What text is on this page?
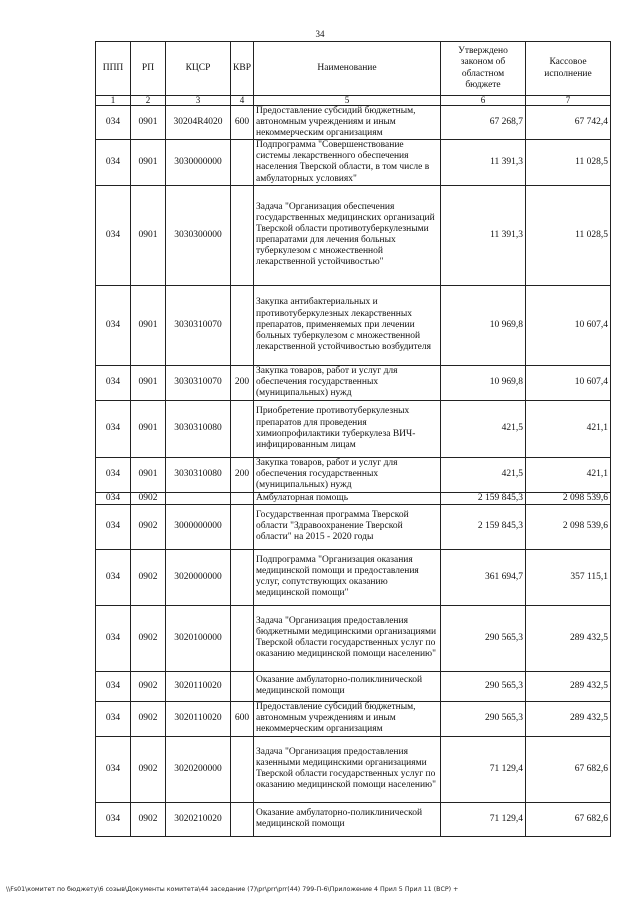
34
ППП	РП	КЦСР	КВР	Наименование	Утверждено законом об областном бюджете	Кассовое исполнение
1	2	3	4	5	6	7
034	0901	30204R4020	600	Предоставление субсидий бюджетным, автономным учреждениям и иным некоммерческим организациям	67 268,7	67 742,4
034	0901	3030000000		Подпрограмма "Совершенствование системы лекарственного обеспечения населения Тверской области, в том числе в амбулаторных условиях"	11 391,3	11 028,5
034	0901	3030300000		Задача "Организация обеспечения государственных медицинских организаций Тверской области противотуберкулезными препаратами для лечения больных туберкулезом с множественной лекарственной устойчивостью"	11 391,3	11 028,5
034	0901	3030310070		Закупка антибактериальных и противотуберкулезных лекарственных препаратов, применяемых при лечении больных туберкулезом с множественной лекарственной устойчивостью возбудителя	10 969,8	10 607,4
034	0901	3030310070	200	Закупка товаров, работ и услуг для обеспечения государственных (муниципальных) нужд	10 969,8	10 607,4
034	0901	3030310080		Приобретение противотуберкулезных препаратов для проведения химиопрофилактики туберкулеза ВИЧ-инфицированным лицам	421,5	421,1
034	0901	3030310080	200	Закупка товаров, работ и услуг для обеспечения государственных (муниципальных) нужд	421,5	421,1
034	0902			Амбулаторная помощь	2 159 845,3	2 098 539,6
034	0902	3000000000		Государственная программа Тверской области "Здравоохранение Тверской области" на 2015 - 2020 годы	2 159 845,3	2 098 539,6
034	0902	3020000000		Подпрограмма "Организация оказания медицинской помощи и предоставления услуг, сопутствующих оказанию медицинской помощи"	361 694,7	357 115,1
034	0902	3020100000		Задача "Организация предоставления бюджетными медицинскими организациями Тверской области государственных услуг по оказанию медицинской помощи населению"	290 565,3	289 432,5
034	0902	3020110020		Оказание амбулаторно-поликлинической медицинской помощи	290 565,3	289 432,5
034	0902	3020110020	600	Предоставление субсидий бюджетным, автономным учреждениям и иным некоммерческим организациям	290 565,3	289 432,5
034	0902	3020200000		Задача "Организация предоставления казенными медицинскими организациями Тверской области государственных услуг по оказанию медицинской помощи населению"	71 129,4	67 682,6
034	0902	3020210020		Оказание амбулаторно-поликлинической медицинской помощи	71 129,4	67 682,6
\\Fs01\комитет по бюджету\6 созыв\Документы комитета\44 заседание (7)\pr\prr\prr(44) 799-П-6\Приложение 4 Прил 5 Прил 11 (ВСР) +
